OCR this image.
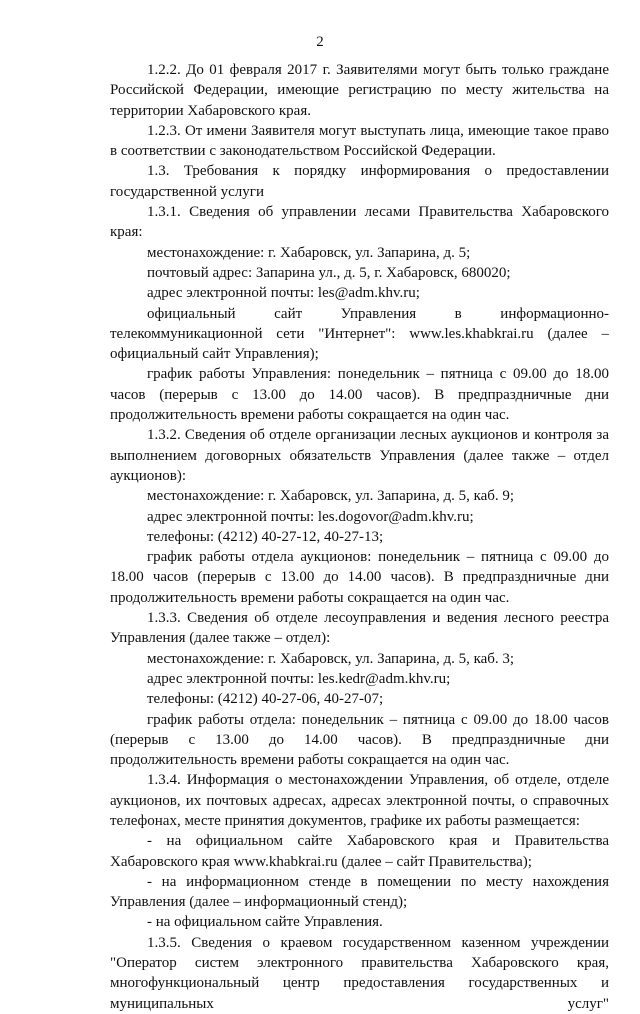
2

1.2.2. До 01 февраля 2017 г. Заявителями могут быть только граждане Российской Федерации, имеющие регистрацию по месту жительства на территории Хабаровского края.

1.2.3. От имени Заявителя могут выступать лица, имеющие такое право в соответствии с законодательством Российской Федерации.

1.3. Требования к порядку информирования о предоставлении государственной услуги

1.3.1. Сведения об управлении лесами Правительства Хабаровского края:

местонахождение: г. Хабаровск, ул. Запарина, д. 5;

почтовый адрес: Запарина ул., д. 5, г. Хабаровск, 680020;

адрес электронной почты: les@adm.khv.ru;

официальный сайт Управления в информационно-телекоммуникационной сети "Интернет": www.les.khabkrai.ru (далее – официальный сайт Управления);

график работы Управления: понедельник – пятница с 09.00 до 18.00 часов (перерыв с 13.00 до 14.00 часов). В предпраздничные дни продолжительность времени работы сокращается на один час.

1.3.2. Сведения об отделе организации лесных аукционов и контроля за выполнением договорных обязательств Управления (далее также – отдел аукционов):

местонахождение: г. Хабаровск, ул. Запарина, д. 5, каб. 9;

адрес электронной почты: les.dogovor@adm.khv.ru;

телефоны: (4212) 40-27-12, 40-27-13;

график работы отдела аукционов: понедельник – пятница с 09.00 до 18.00 часов (перерыв с 13.00 до 14.00 часов). В предпраздничные дни продолжительность времени работы сокращается на один час.

1.3.3. Сведения об отделе лесоуправления и ведения лесного реестра Управления (далее также – отдел):

местонахождение: г. Хабаровск, ул. Запарина, д. 5, каб. 3;

адрес электронной почты: les.kedr@adm.khv.ru;

телефоны: (4212) 40-27-06, 40-27-07;

график работы отдела: понедельник – пятница с 09.00 до 18.00 часов (перерыв с 13.00 до 14.00 часов). В предпраздничные дни продолжительность времени работы сокращается на один час.

1.3.4. Информация о местонахождении Управления, об отделе, отделе аукционов, их почтовых адресах, адресах электронной почты, о справочных телефонах, месте принятия документов, графике их работы размещается:

- на официальном сайте Хабаровского края и Правительства Хабаровского края www.khabkrai.ru (далее – сайт Правительства);

- на информационном стенде в помещении по месту нахождения Управления (далее – информационный стенд);

- на официальном сайте Управления.

1.3.5. Сведения о краевом государственном казенном учреждении "Оператор систем электронного правительства Хабаровского края, многофункциональный центр предоставления государственных и муниципальных услуг"
